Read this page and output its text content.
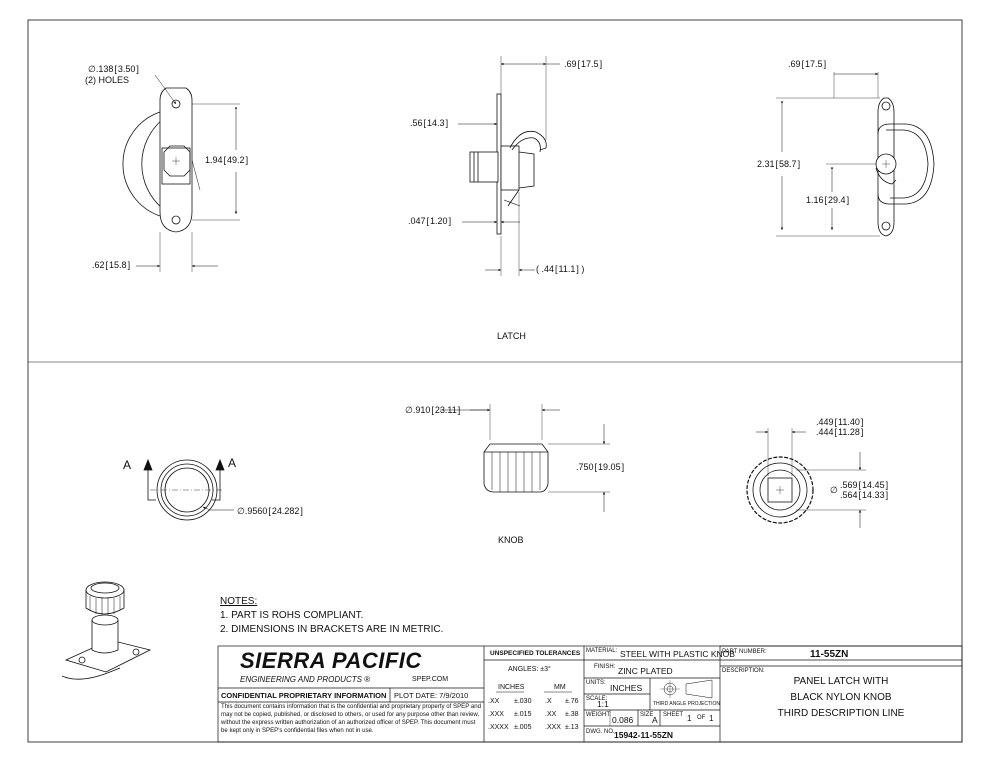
∅.138 [ 3.50 ]
(2) HOLES
1.94 [ 49.2 ]
.62 [ 15.8 ]
.69 [ 17.5 ]
.56 [ 14.3 ]
.047 [ 1.20 ]
( .44 [ 11.1 ] )
.69 [ 17.5 ]
2.31 [ 58.7 ]
1.16 [ 29.4 ]
LATCH
A	A
∅.9560 [ 24.282 ]
∅.910 [ 23.11 ]
.750 [ 19.05 ]
.449 [ 11.40 ]
.444 [ 11.28 ]
∅ .569 [ 14.45 ]
.564 [ 14.33 ]
KNOB
NOTES:
1. PART IS ROHS COMPLIANT.
2. DIMENSIONS IN BRACKETS ARE IN METRIC.
SIERRA PACIFIC
ENGINEERING AND PRODUCTS ®	SPEP.COM
CONFIDENTIAL PROPRIETARY INFORMATION PLOT DATE: 7/9/2010
This document contains information that is the confidential and proprietary property of SPEP and may not be copied, published, or disclosed to others, or used for any purpose other than review, without the express written authorization of an authorized officer of SPEP. This document must be kept only in SPEP's confidential files when not in use.
UNSPECIFIED TOLERANCES
ANGLES: ±3°
INCHES	MM
.XX ±.030 .X ±.76
.XXX ±.015 .XX ±.38
.XXXX ±.005 .XXX ±.13
MATERIAL: STEEL WITH PLASTIC KNOB
FINISH: ZINC PLATED
UNITS: INCHES
SCALE:
1:1	THIRD ANGLE PROJECTION
WEIGHT: 0.086 SIZE
A SHEET 1 OF 1
DWG. NO. 15942-11-55ZN
PART NUMBER:	11-55ZN
DESCRIPTION:
PANEL LATCH WITH
BLACK NYLON KNOB
THIRD DESCRIPTION LINE
